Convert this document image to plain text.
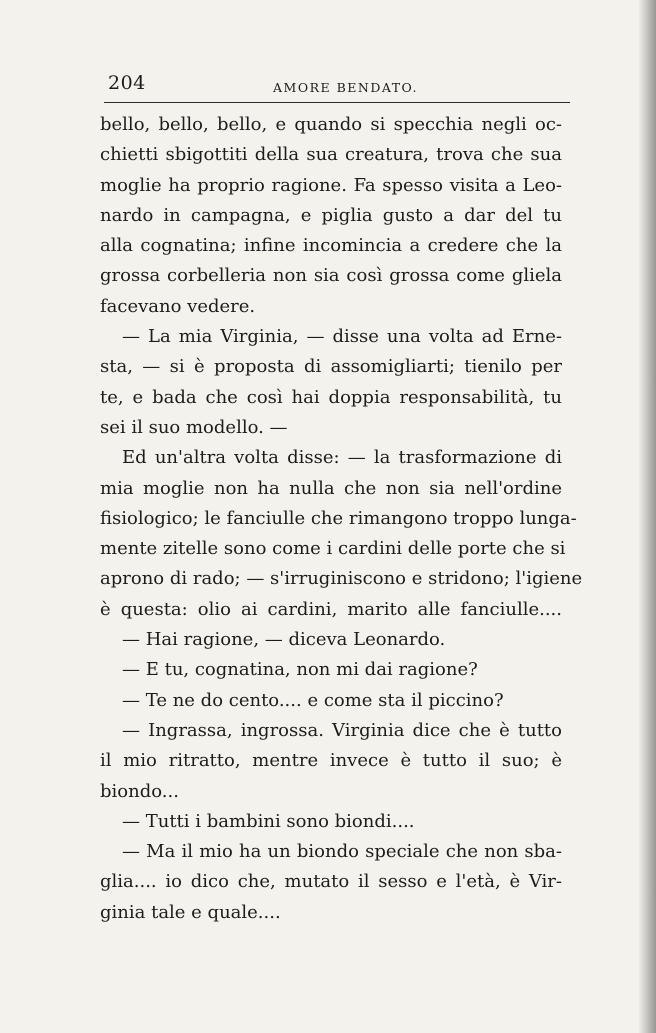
204	AMORE BENDATO.
bello, bello, bello, e quando si specchia negli oc-
chietti sbigottiti della sua creatura, trova che sua
moglie ha proprio ragione. Fa spesso visita a Leo-
nardo in campagna, e piglia gusto a dar del tu
alla cognatina; infine incomincia a credere che la
grossa corbelleria non sia così grossa come gliela
facevano vedere.
— La mia Virginia, — disse una volta ad Erne-
sta, — si è proposta di assomigliarti; tienilo per
te, e bada che così hai doppia responsabilità, tu
sei il suo modello. —
Ed un'altra volta disse: — la trasformazione di
mia moglie non ha nulla che non sia nell'ordine
fisiologico; le fanciulle che rimangono troppo lunga-
mente zitelle sono come i cardini delle porte che si
aprono di rado; — s'irruginiscono e stridono; l'igiene
è questa: olio ai cardini, marito alle fanciulle....
— Hai ragione, — diceva Leonardo.
— E tu, cognatina, non mi dai ragione?
— Te ne do cento.... e come sta il piccino?
— Ingrassa, ingrossa. Virginia dice che è tutto
il mio ritratto, mentre invece è tutto il suo; è
biondo...
— Tutti i bambini sono biondi....
— Ma il mio ha un biondo speciale che non sba-
glia.... io dico che, mutato il sesso e l'età, è Vir-
ginia tale e quale....
